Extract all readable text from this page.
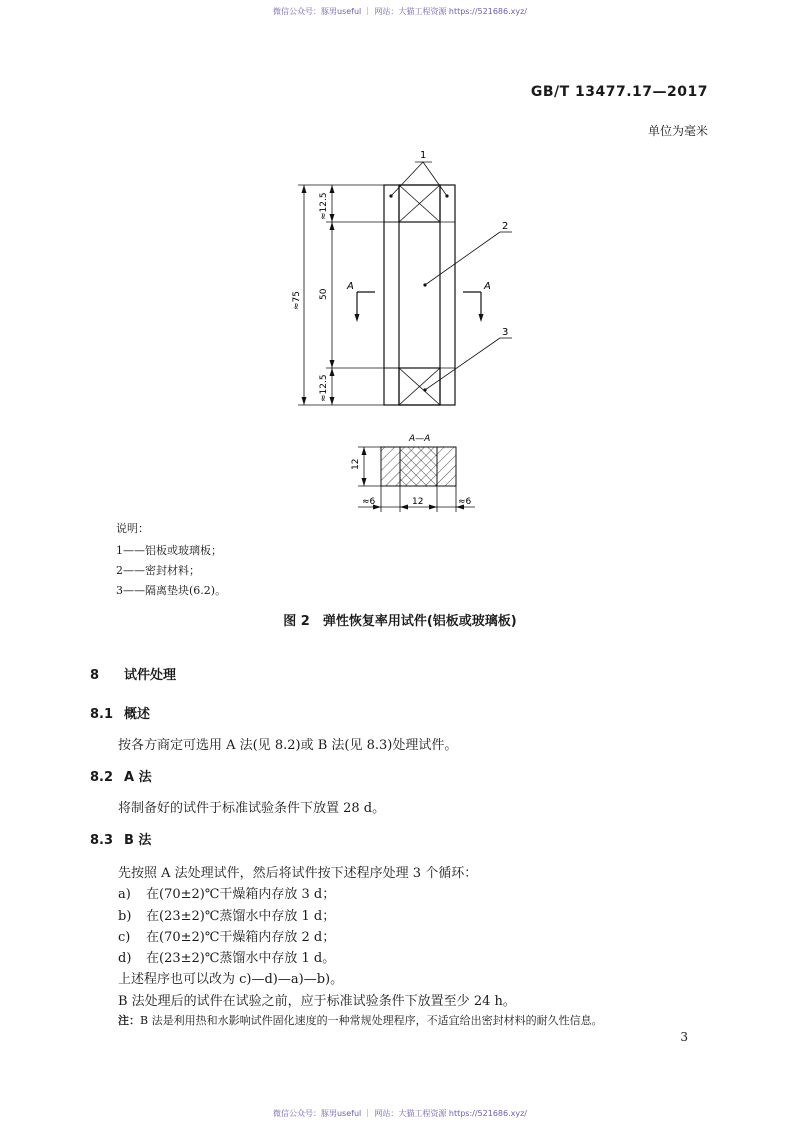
微信公众号：豚男useful ｜ 网站：大猫工程资源 https://521686.xyz/
GB/T 13477.17—2017
单位为毫米
1
2
3
≈12.5
50
≈12.5
≈75
A	A
A—A
12
≈6	12	≈6
说明：
1——铝板或玻璃板；
2——密封材料；
3——隔离垫块(6.2)。
图 2　弹性恢复率用试件(铝板或玻璃板)
8 试件处理
8.1 概述
按各方商定可选用 A 法(见 8.2)或 B 法(见 8.3)处理试件。
8.2 A 法
将制备好的试件于标准试验条件下放置 28 d。
8.3 B 法
先按照 A 法处理试件，然后将试件按下述程序处理 3 个循环：
a) 在(70±2)℃干燥箱内存放 3 d；
b) 在(23±2)℃蒸馏水中存放 1 d；
c) 在(70±2)℃干燥箱内存放 2 d；
d) 在(23±2)℃蒸馏水中存放 1 d。
上述程序也可以改为 c)—d)—a)—b)。
B 法处理后的试件在试验之前，应于标准试验条件下放置至少 24 h。
注：B 法是利用热和水影响试件固化速度的一种常规处理程序，不适宜给出密封材料的耐久性信息。
3
微信公众号：豚男useful ｜ 网站：大猫工程资源 https://521686.xyz/
